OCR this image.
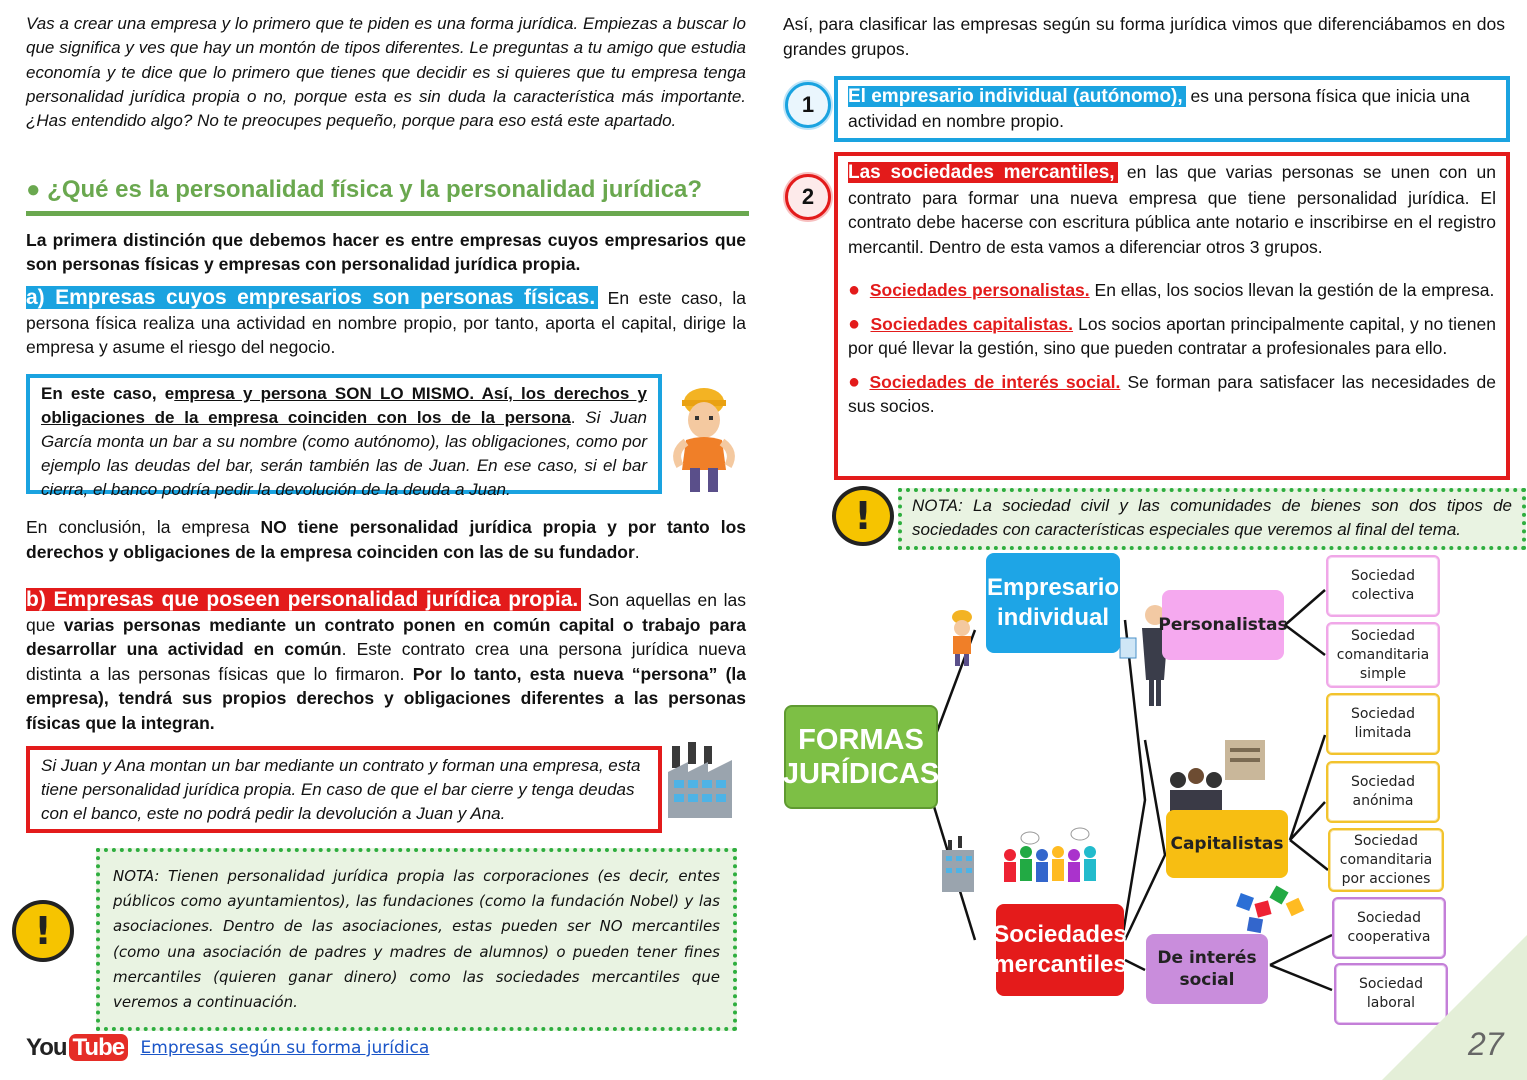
Vas a crear una empresa y lo primero que te piden es una forma jurídica. Empiezas a buscar lo que significa y ves que hay un montón de tipos diferentes. Le preguntas a tu amigo que estudia economía y te dice que lo primero que tienes que decidir es si quieres que tu empresa tenga personalidad jurídica propia o no, porque esta es sin duda la característica más importante. ¿Has entendido algo? No te preocupes pequeño, porque para eso está este apartado.

● ¿Qué es la personalidad física y la personalidad jurídica?

La primera distinción que debemos hacer es entre empresas cuyos empresarios que son personas físicas y empresas con personalidad jurídica propia.

a) Empresas cuyos empresarios son personas físicas. En este caso, la persona física realiza una actividad en nombre propio, por tanto, aporta el capital, dirige la empresa y asume el riesgo del negocio.

En este caso, empresa y persona SON LO MISMO. Así, los derechos y obligaciones de la empresa coinciden con los de la persona. Si Juan García monta un bar a su nombre (como autónomo), las obligaciones, como por ejemplo las deudas del bar, serán también las de Juan. En ese caso, si el bar cierra, el banco podría pedir la devolución de la deuda a Juan.

En conclusión, la empresa NO tiene personalidad jurídica propia y por tanto los derechos y obligaciones de la empresa coinciden con las de su fundador.

b) Empresas que poseen personalidad jurídica propia. Son aquellas en las que varias personas mediante un contrato ponen en común capital o trabajo para desarrollar una actividad en común. Este contrato crea una persona jurídica nueva distinta a las personas físicas que lo firmaron. Por lo tanto, esta nueva “persona” (la empresa), tendrá sus propios derechos y obligaciones diferentes a las personas físicas que la integran.

Si Juan y Ana montan un bar mediante un contrato y forman una empresa, esta tiene personalidad jurídica propia. En caso de que el bar cierre y tenga deudas con el banco, este no podrá pedir la devolución a Juan y Ana.

!

NOTA: Tienen personalidad jurídica propia las corporaciones (es decir, entes públicos como ayuntamientos), las fundaciones (como la fundación Nobel) y las asociaciones. Dentro de las asociaciones, estas pueden ser NO mercantiles (como una asociación de padres y madres de alumnos) o pueden tener fines mercantiles (quieren ganar dinero) como las sociedades mercantiles que veremos a continuación.

You Tube Empresas según su forma jurídica

Así, para clasificar las empresas según su forma jurídica vimos que diferenciábamos en dos grandes grupos.

1	El empresario individual (autónomo), es una persona física que inicia una actividad en nombre propio.

2

Las sociedades mercantiles, en las que varias personas se unen con un contrato para formar una nueva empresa que tiene personalidad jurídica. El contrato debe hacerse con escritura pública ante notario e inscribirse en el registro mercantil. Dentro de esta vamos a diferenciar otros 3 grupos.

● Sociedades personalistas. En ellas, los socios llevan la gestión de la empresa.

● Sociedades capitalistas. Los socios aportan principalmente capital, y no tienen por qué llevar la gestión, sino que pueden contratar a profesionales para ello.

● Sociedades de interés social. Se forman para satisfacer las necesidades de sus socios.

!	NOTA: La sociedad civil y las comunidades de bienes son dos tipos de sociedades con características especiales que veremos al final del tema.

FORMAS JURÍDICAS
Empresario individual
Sociedades mercantiles
Personalistas
Capitalistas
De interés social
Sociedad colectiva
Sociedad comanditaria simple
Sociedad limitada
Sociedad anónima
Sociedad comanditaria por acciones
Sociedad cooperativa
Sociedad laboral
27
